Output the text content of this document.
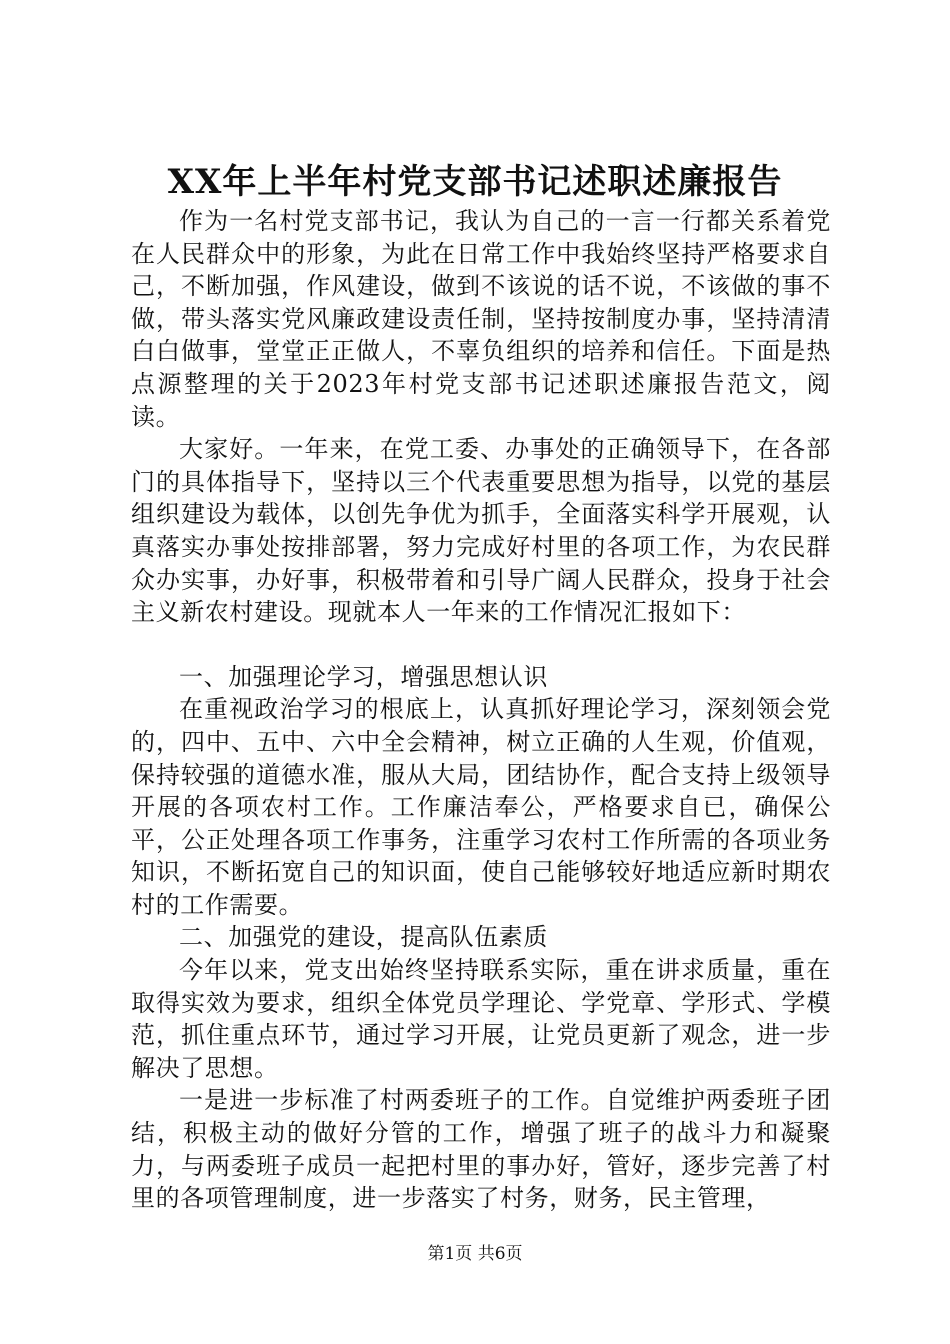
XX年上半年村党支部书记述职述廉报告

作为一名村党支部书记，我认为自己的一言一行都关系着党在人民群众中的形象，为此在日常工作中我始终坚持严格要求自己，不断加强，作风建设，做到不该说的话不说，不该做的事不做，带头落实党风廉政建设责任制，坚持按制度办事，坚持清清白白做事，堂堂正正做人，不辜负组织的培养和信任。下面是热点源整理的关于2023年村党支部书记述职述廉报告范文，阅读。

大家好。一年来，在党工委、办事处的正确领导下，在各部门的具体指导下，坚持以三个代表重要思想为指导，以党的基层组织建设为载体，以创先争优为抓手，全面落实科学开展观，认真落实办事处按排部署，努力完成好村里的各项工作，为农民群众办实事，办好事，积极带着和引导广阔人民群众，投身于社会主义新农村建设。现就本人一年来的工作情况汇报如下：

一、加强理论学习，增强思想认识

在重视政治学习的根底上，认真抓好理论学习，深刻领会党的，四中、五中、六中全会精神，树立正确的人生观，价值观，保持较强的道德水准，服从大局，团结协作，配合支持上级领导开展的各项农村工作。工作廉洁奉公，严格要求自已，确保公平，公正处理各项工作事务，注重学习农村工作所需的各项业务知识，不断拓宽自己的知识面，使自己能够较好地适应新时期农村的工作需要。

二、加强党的建设，提高队伍素质

今年以来，党支出始终坚持联系实际，重在讲求质量，重在取得实效为要求，组织全体党员学理论、学党章、学形式、学模范，抓住重点环节，通过学习开展，让党员更新了观念，进一步解决了思想。

一是进一步标准了村两委班子的工作。自觉维护两委班子团结，积极主动的做好分管的工作，增强了班子的战斗力和凝聚力，与两委班子成员一起把村里的事办好，管好，逐步完善了村里的各项管理制度，进一步落实了村务，财务，民主管理，

第1页 共6页
